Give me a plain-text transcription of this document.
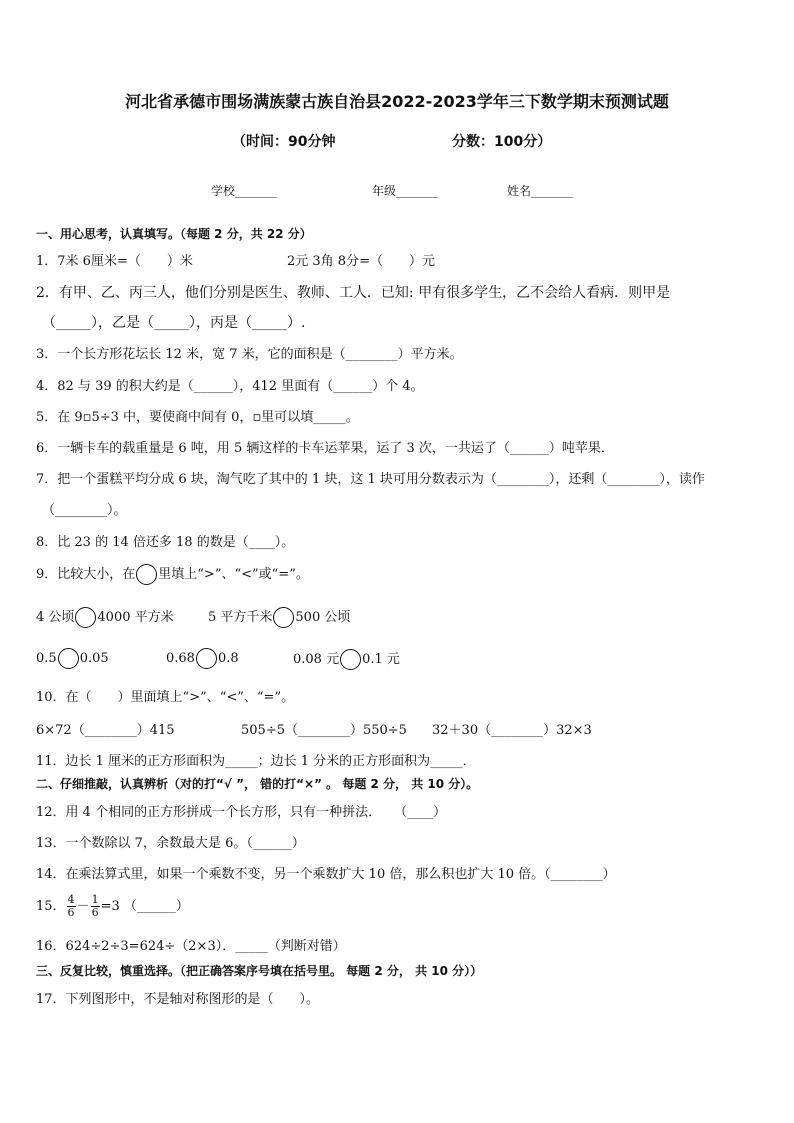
河北省承德市围场满族蒙古族自治县2022-2023学年三下数学期末预测试题
（时间：90分钟	分数：100分）
学校_______	年级_______	姓名_______
一、用心思考，认真填写。（每题 2 分，共 22 分）
1．7米 6厘米=（　　）米	2元 3角 8分=（　　）元
2．有甲、乙、丙三人，他们分别是医生、教师、工人．已知: 甲有很多学生，乙不会给人看病．则甲是
（_____），乙是（_____），丙是（_____）.
3．一个长方形花坛长 12 米，宽 7 米，它的面积是（________）平方米。
4．82 与 39 的积大约是（______），412 里面有（______）个 4。
5．在 9▫5÷3 中，要使商中间有 0，▫里可以填_____。
6．一辆卡车的载重量是 6 吨，用 5 辆这样的卡车运苹果，运了 3 次，一共运了（______）吨苹果．
7．把一个蛋糕平均分成 6 块，淘气吃了其中的 1 块，这 1 块可用分数表示为（________），还剩（________），读作
（________）。
8．比 23 的 14 倍还多 18 的数是（____）。
9．比较大小，在 里填上“>”、“<”或“=”。
4 公顷 4000 平方米	5 平方千米 500 公顷
0.5 0.05	0.68 0.8	0.08 元 0.1 元
10．在（　　）里面填上“>”、“<”、“=”。
6×72（________）415	505÷5（________）550÷5 32＋30（________）32×3
11．边长 1 厘米的正方形面积为_____；边长 1 分米的正方形面积为_____．
二、仔细推敲，认真辨析（对的打“√ ”， 错的打“×” 。 每题 2 分， 共 10 分）。
12．用 4 个相同的正方形拼成一个长方形，只有一种拼法．　　（____）
13．一个数除以 7，余数最大是 6。（______）
14．在乘法算式里，如果一个乘数不变，另一个乘数扩大 10 倍，那么积也扩大 10 倍。（________）
15． $\frac{4}{6} - \frac{1}{6} =3$ （______）
16．624÷2÷3=624÷（2×3）．_____（判断对错）
三、反复比较，慎重选择。（把正确答案序号填在括号里。 每题 2 分， 共 10 分））
17．下列图形中，不是轴对称图形的是（　　）。
